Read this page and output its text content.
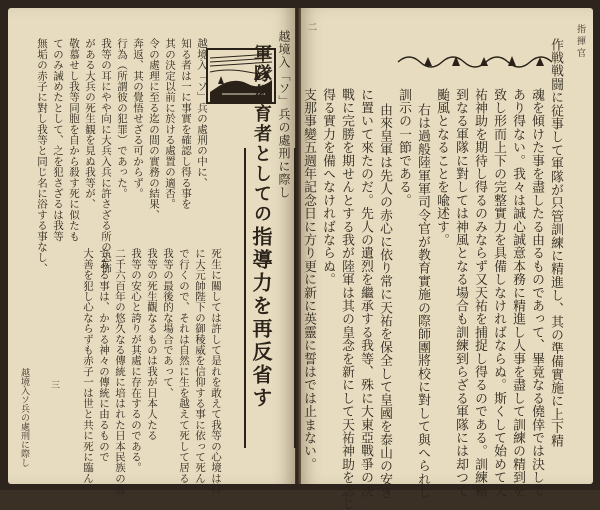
指揮官
二
作戦戦闘に従事して軍隊が只管訓練に精進し、其の準備實施に上下精
魂を傾けた事を盡したる由るものであって、畢竟なる僥倖では決して
あり得ない。我々は誠心誠意本務に精進し人事を盡して訓練の精到を
致し形而上下の完整實力を具備しなければならぬ。斯くして始めて天
祐神助を期待し得るのみならず又天祐を捕捉し得るのである。訓練精
到なる軍隊に對しては神風となる場合も訓練到らざる軍隊には却つて
颱風となることを喩述す。
右は過般陸軍軍司令官が教育實施の際師團將校に對して與へられし
訓示の一節である。
由來皇軍は先人の赤心に依り常に天祐を保全して皇國を泰山の安き
に置いて來たのだ。先人の遺烈を繼承する我等、殊に大東亞戰爭の決
戰に完勝を期せんとする我が陸軍は其の皇念を新にして天祐神助を念じ
得る實力を備へなければならぬ。
支那事變五週年記念日に方り更に新に英靈に誓はでは止まない。
三
越境入「ソ」兵の處刑に際し
軍隊教育者としての
指導力を再反省す
越境入「ソ」兵の處刑の中に、
知る者は一に事實を確認し得る事を
其の決定以前に於ける處置の適否。
令の處理に至る迄の間の實務の結果、
奔返、其の覺悟せざる可からず。
行為（所謂彼の犯罪）であった。
我等の耳にやや向に大兵入兵に許さざる所の恐怖
がある大兵の死生観を見ぬ我等が、
敬慕せし我等同胞を自から殺す死に似たも
てのみ誡めたとして、之を犯さざるは我等
無垢の赤子に對し我等と同じ名に浴する事なし、
死生に關しては許して是れを敢えて我等の心境は特
に大元帥陛下の御稜威を信仰する事に依って死ん
で行くので、それは自然に生を越えて死して居る
我等の最後的な場合であって、
我等の死生觀なるものは我が日本人たる
我等の安心と誇りが其處に存在するのである。
二千六百年の悠久なる傳統に培はれた日本民族の血
である事は、かかる神々の傳統に由るもので
大善を犯し心ならずも赤子一は世と共に死に臨ん
越境入ソ兵の處刑に際し
